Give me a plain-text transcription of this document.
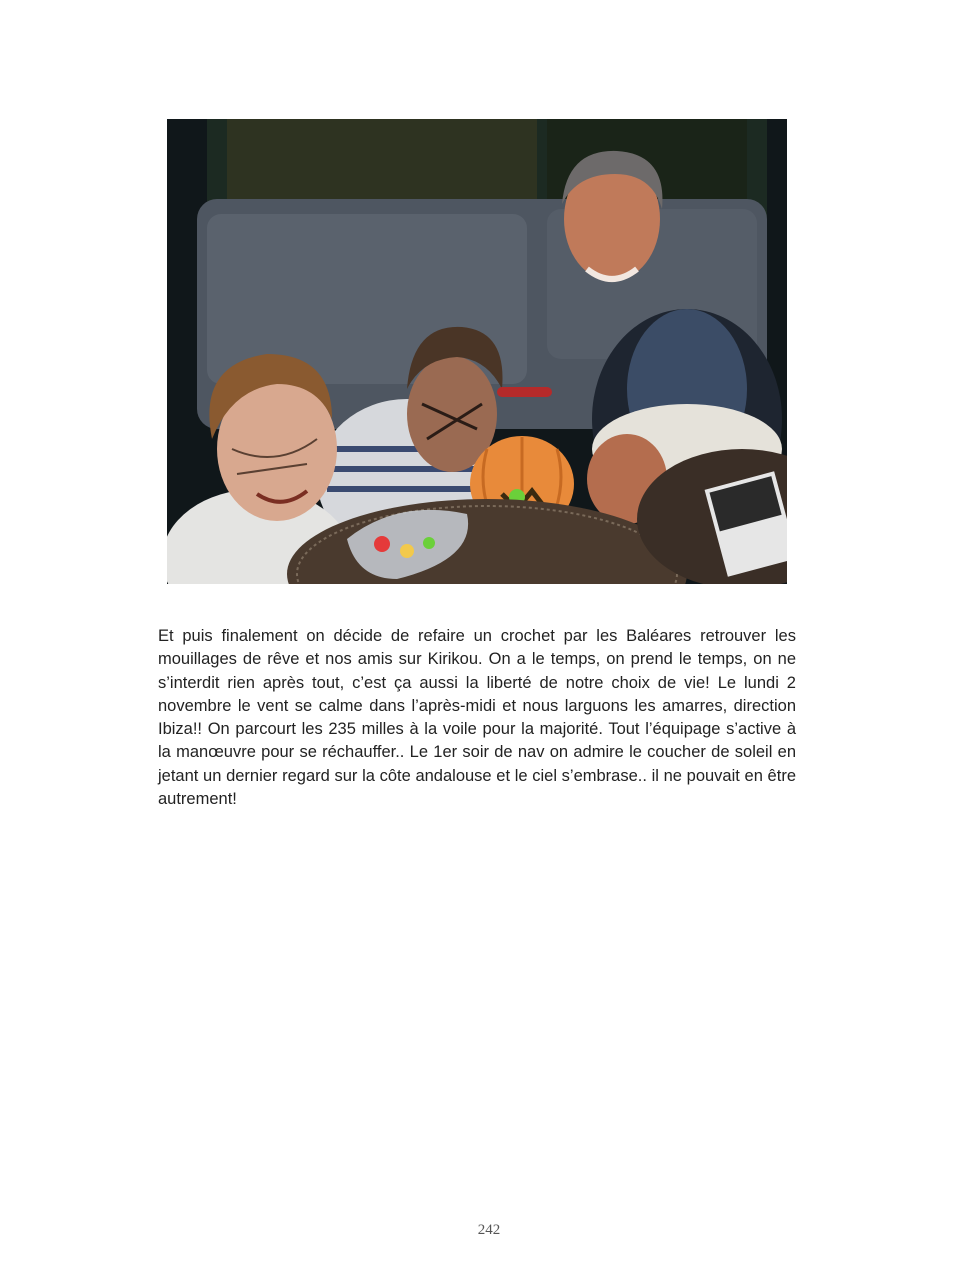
Et puis finalement on décide de refaire un crochet par les Baléares retrouver les mouillages de rêve et nos amis sur Kirikou. On a le temps, on prend le temps, on ne s’interdit rien après tout, c’est ça aussi la liberté de notre choix de vie! Le lundi 2 novembre le vent se calme dans l’après-midi et nous larguons les amarres, direction Ibiza!! On parcourt les 235 milles à la voile pour la majorité. Tout l’équipage s’active à la manœuvre pour se réchauffer.. Le 1er soir de nav on admire le coucher de soleil en jetant un dernier regard sur la côte andalouse et le ciel s’embrase.. il ne pouvait en être autrement!

242
